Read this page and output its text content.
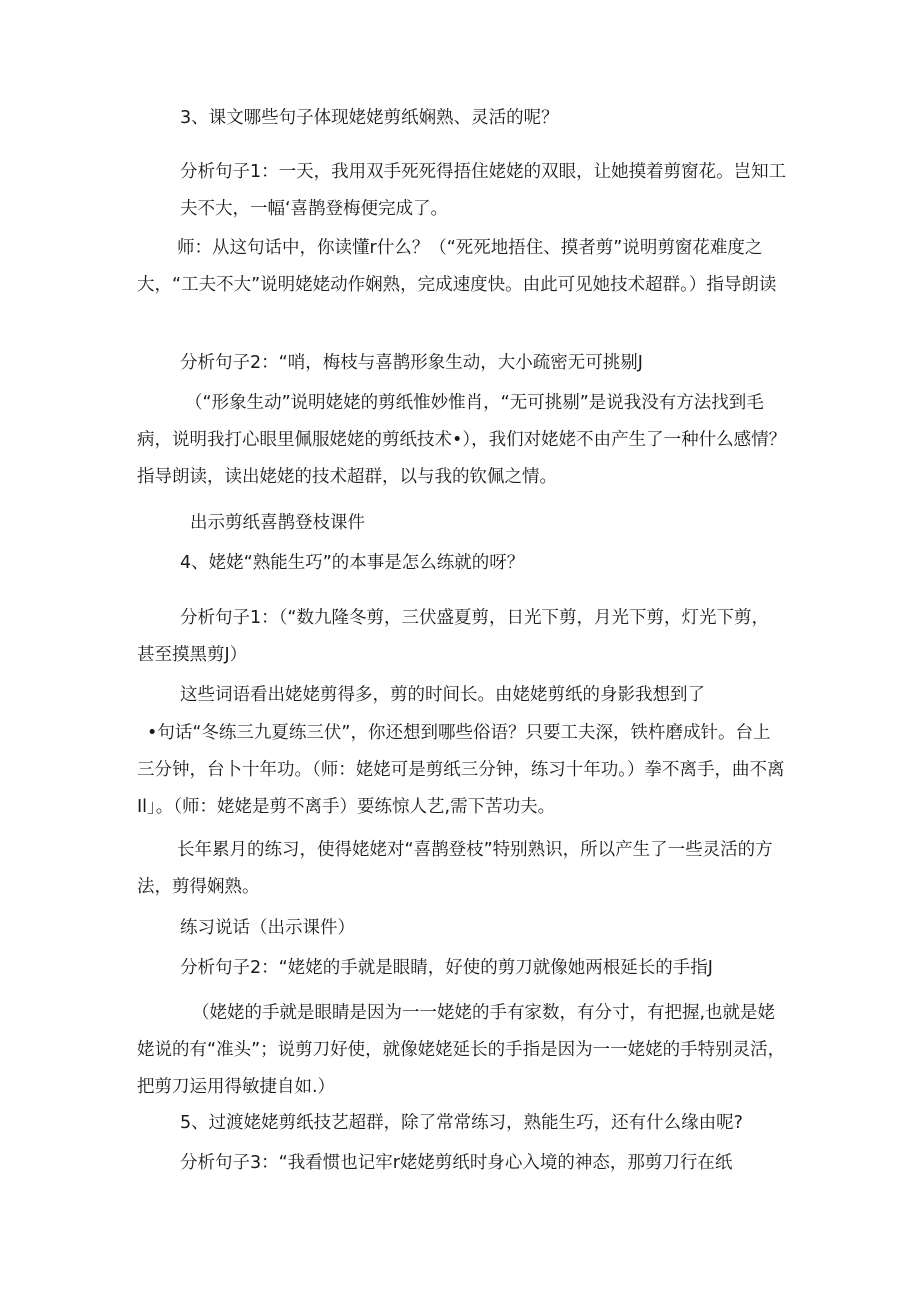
3、课文哪些句子体现姥姥剪纸娴熟、灵活的呢？

分析句子1：一天，我用双手死死得捂住姥姥的双眼，让她摸着剪窗花。岂知工夫不大，一幅‘喜鹊登梅便完成了。

师：从这句话中，你读懂r什么？（“死死地捂住、摸者剪”说明剪窗花难度之大，“工夫不大”说明姥姥动作娴熟，完成速度快。由此可见她技术超群。）指导朗读

分析句子2：“哨，梅枝与喜鹊形象生动，大小疏密无可挑剔J

（“形象生动”说明姥姥的剪纸惟妙惟肖，“无可挑剔”是说我没有方法找到毛病，说明我打心眼里佩服姥姥的剪纸技术•），我们对姥姥不由产生了一种什么感情？指导朗读，读出姥姥的技术超群，以与我的钦佩之情。

出示剪纸喜鹊登枝课件

4、姥姥“熟能生巧”的本事是怎么练就的呀？

分析句子1：（“数九隆冬剪，三伏盛夏剪，日光下剪，月光下剪，灯光下剪，甚至摸黑剪J）

这些词语看出姥姥剪得多，剪的时间长。由姥姥剪纸的身影我想到了

•句话“冬练三九夏练三伏”，你还想到哪些俗语？只要工夫深，铁杵磨成针。台上三分钟，台卜十年功。（师：姥姥可是剪纸三分钟，练习十年功。）拳不离手，曲不离Il」。（师：姥姥是剪不离手）要练惊人艺,需下苦功夫。

长年累月的练习，使得姥姥对“喜鹊登枝”特别熟识，所以产生了一些灵活的方法，剪得娴熟。

练习说话（出示课件）

分析句子2：“姥姥的手就是眼睛，好使的剪刀就像她两根延长的手指J

（姥姥的手就是眼睛是因为一一姥姥的手有家数，有分寸，有把握,也就是姥姥说的有“准头”；说剪刀好使，就像姥姥延长的手指是因为一一姥姥的手特别灵活，把剪刀运用得敏捷自如.）

5、过渡姥姥剪纸技艺超群，除了常常练习，熟能生巧，还有什么缘由呢?

分析句子3：“我看惯也记牢r姥姥剪纸时身心入境的神态，那剪刀行在纸
